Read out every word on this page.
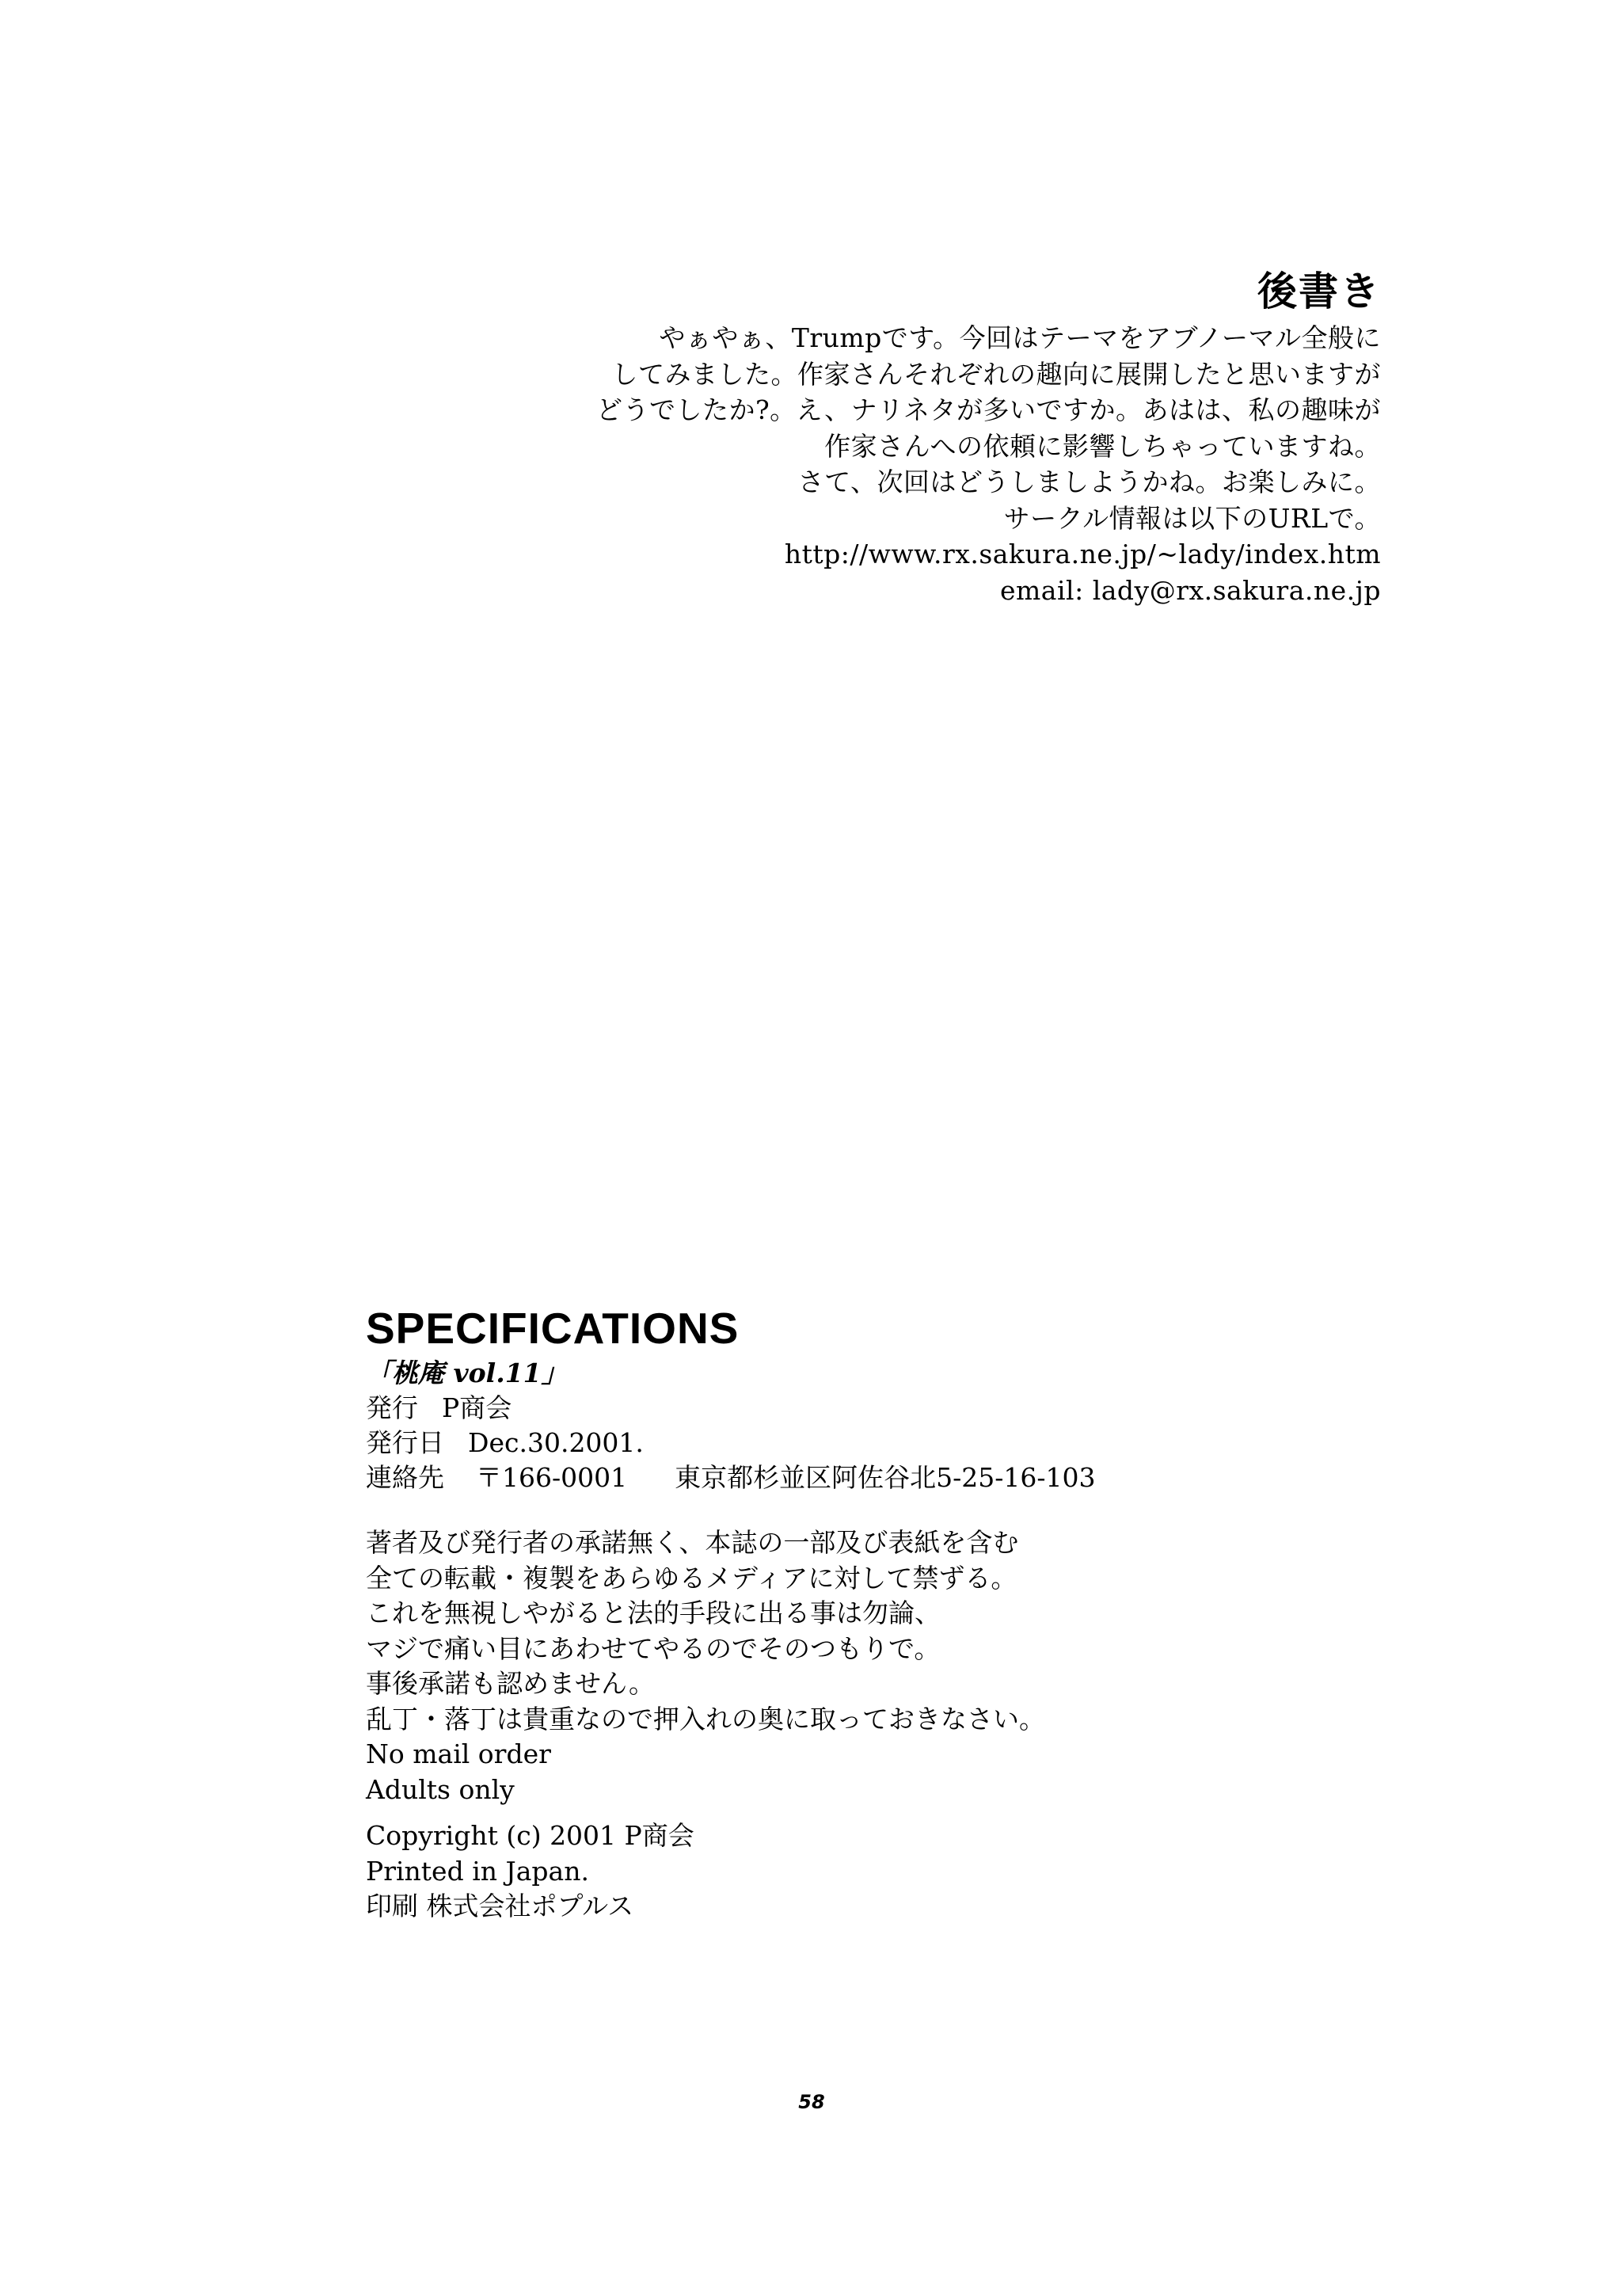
後書き
やぁやぁ、Trumpです。今回はテーマをアブノーマル全般に
してみました。作家さんそれぞれの趣向に展開したと思いますが
どうでしたか?。え、ナリネタが多いですか。あはは、私の趣味が
作家さんへの依頼に影響しちゃっていますね。
さて、次回はどうしましようかね。お楽しみに。
サークル情報は以下のURLで。
http://www.rx.sakura.ne.jp/~lady/index.htm
email: lady@rx.sakura.ne.jp
SPECIFICATIONS
「桃庵 vol.11」
発行 P商会
発行日 Dec.30.2001.
連絡先 〒166-0001 東京都杉並区阿佐谷北5-25-16-103
著者及び発行者の承諾無く、本誌の一部及び表紙を含む
全ての転載・複製をあらゆるメディアに対して禁ずる。
これを無視しやがると法的手段に出る事は勿論、
マジで痛い目にあわせてやるのでそのつもりで。
事後承諾も認めません。
乱丁・落丁は貴重なので押入れの奥に取っておきなさい。
No mail order
Adults only
Copyright (c) 2001 P商会
Printed in Japan.
印刷 株式会社ポプルス
58
